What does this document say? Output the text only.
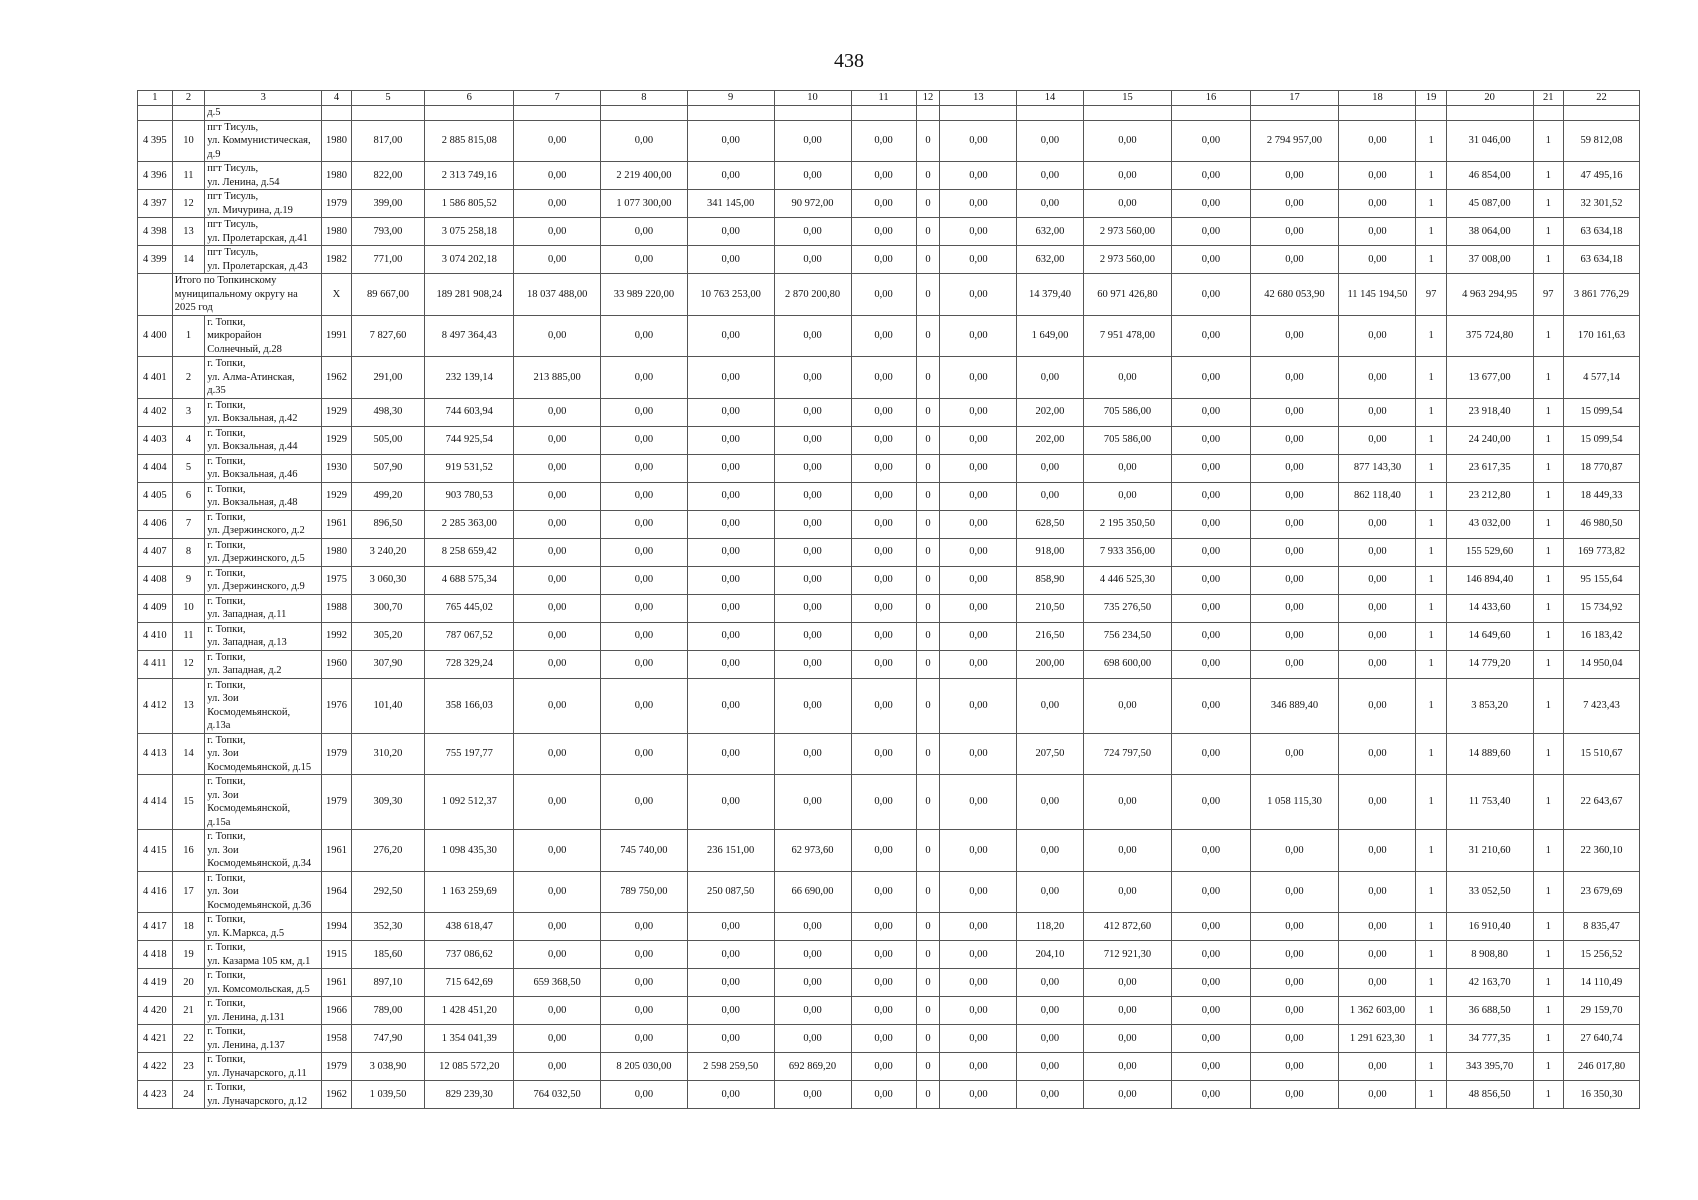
438
1	2	3	4	5	6	7	8	9	10	11	12	13	14	15	16	17	18	19	20	21	22
		д.5																			
4 395	10	пгт Тисуль,
ул. Коммунистическая,
д.9	1980	817,00	2 885 815,08	0,00	0,00	0,00	0,00	0,00	0	0,00	0,00	0,00	0,00	2 794 957,00	0,00	1	31 046,00	1	59 812,08
4 396	11	пгт Тисуль,
ул. Ленина, д.54	1980	822,00	2 313 749,16	0,00	2 219 400,00	0,00	0,00	0,00	0	0,00	0,00	0,00	0,00	0,00	0,00	1	46 854,00	1	47 495,16
4 397	12	пгт Тисуль,
ул. Мичурина, д.19	1979	399,00	1 586 805,52	0,00	1 077 300,00	341 145,00	90 972,00	0,00	0	0,00	0,00	0,00	0,00	0,00	0,00	1	45 087,00	1	32 301,52
4 398	13	пгт Тисуль,
ул. Пролетарская, д.41	1980	793,00	3 075 258,18	0,00	0,00	0,00	0,00	0,00	0	0,00	632,00	2 973 560,00	0,00	0,00	0,00	1	38 064,00	1	63 634,18
4 399	14	пгт Тисуль,
ул. Пролетарская, д.43	1982	771,00	3 074 202,18	0,00	0,00	0,00	0,00	0,00	0	0,00	632,00	2 973 560,00	0,00	0,00	0,00	1	37 008,00	1	63 634,18
	Итого по Топкинскому
муниципальному округу на
2025 год		X	89 667,00	189 281 908,24	18 037 488,00	33 989 220,00	10 763 253,00	2 870 200,80	0,00	0	0,00	14 379,40	60 971 426,80	0,00	42 680 053,90	11 145 194,50	97	4 963 294,95	97	3 861 776,29
4 400	1	г. Топки,
микрорайон
Солнечный, д.28	1991	7 827,60	8 497 364,43	0,00	0,00	0,00	0,00	0,00	0	0,00	1 649,00	7 951 478,00	0,00	0,00	0,00	1	375 724,80	1	170 161,63
4 401	2	г. Топки,
ул. Алма-Атинская,
д.35	1962	291,00	232 139,14	213 885,00	0,00	0,00	0,00	0,00	0	0,00	0,00	0,00	0,00	0,00	0,00	1	13 677,00	1	4 577,14
4 402	3	г. Топки,
ул. Вокзальная, д.42	1929	498,30	744 603,94	0,00	0,00	0,00	0,00	0,00	0	0,00	202,00	705 586,00	0,00	0,00	0,00	1	23 918,40	1	15 099,54
4 403	4	г. Топки,
ул. Вокзальная, д.44	1929	505,00	744 925,54	0,00	0,00	0,00	0,00	0,00	0	0,00	202,00	705 586,00	0,00	0,00	0,00	1	24 240,00	1	15 099,54
4 404	5	г. Топки,
ул. Вокзальная, д.46	1930	507,90	919 531,52	0,00	0,00	0,00	0,00	0,00	0	0,00	0,00	0,00	0,00	0,00	877 143,30	1	23 617,35	1	18 770,87
4 405	6	г. Топки,
ул. Вокзальная, д.48	1929	499,20	903 780,53	0,00	0,00	0,00	0,00	0,00	0	0,00	0,00	0,00	0,00	0,00	862 118,40	1	23 212,80	1	18 449,33
4 406	7	г. Топки,
ул. Дзержинского, д.2	1961	896,50	2 285 363,00	0,00	0,00	0,00	0,00	0,00	0	0,00	628,50	2 195 350,50	0,00	0,00	0,00	1	43 032,00	1	46 980,50
4 407	8	г. Топки,
ул. Дзержинского, д.5	1980	3 240,20	8 258 659,42	0,00	0,00	0,00	0,00	0,00	0	0,00	918,00	7 933 356,00	0,00	0,00	0,00	1	155 529,60	1	169 773,82
4 408	9	г. Топки,
ул. Дзержинского, д.9	1975	3 060,30	4 688 575,34	0,00	0,00	0,00	0,00	0,00	0	0,00	858,90	4 446 525,30	0,00	0,00	0,00	1	146 894,40	1	95 155,64
4 409	10	г. Топки,
ул. Западная, д.11	1988	300,70	765 445,02	0,00	0,00	0,00	0,00	0,00	0	0,00	210,50	735 276,50	0,00	0,00	0,00	1	14 433,60	1	15 734,92
4 410	11	г. Топки,
ул. Западная, д.13	1992	305,20	787 067,52	0,00	0,00	0,00	0,00	0,00	0	0,00	216,50	756 234,50	0,00	0,00	0,00	1	14 649,60	1	16 183,42
4 411	12	г. Топки,
ул. Западная, д.2	1960	307,90	728 329,24	0,00	0,00	0,00	0,00	0,00	0	0,00	200,00	698 600,00	0,00	0,00	0,00	1	14 779,20	1	14 950,04
4 412	13	г. Топки,
ул. Зои
Космодемьянской,
д.13а	1976	101,40	358 166,03	0,00	0,00	0,00	0,00	0,00	0	0,00	0,00	0,00	0,00	346 889,40	0,00	1	3 853,20	1	7 423,43
4 413	14	г. Топки,
ул. Зои
Космодемьянской, д.15	1979	310,20	755 197,77	0,00	0,00	0,00	0,00	0,00	0	0,00	207,50	724 797,50	0,00	0,00	0,00	1	14 889,60	1	15 510,67
4 414	15	г. Топки,
ул. Зои
Космодемьянской,
д.15а	1979	309,30	1 092 512,37	0,00	0,00	0,00	0,00	0,00	0	0,00	0,00	0,00	0,00	1 058 115,30	0,00	1	11 753,40	1	22 643,67
4 415	16	г. Топки,
ул. Зои
Космодемьянской, д.34	1961	276,20	1 098 435,30	0,00	745 740,00	236 151,00	62 973,60	0,00	0	0,00	0,00	0,00	0,00	0,00	0,00	1	31 210,60	1	22 360,10
4 416	17	г. Топки,
ул. Зои
Космодемьянской, д.36	1964	292,50	1 163 259,69	0,00	789 750,00	250 087,50	66 690,00	0,00	0	0,00	0,00	0,00	0,00	0,00	0,00	1	33 052,50	1	23 679,69
4 417	18	г. Топки,
ул. К.Маркса, д.5	1994	352,30	438 618,47	0,00	0,00	0,00	0,00	0,00	0	0,00	118,20	412 872,60	0,00	0,00	0,00	1	16 910,40	1	8 835,47
4 418	19	г. Топки,
ул. Казарма 105 км, д.1	1915	185,60	737 086,62	0,00	0,00	0,00	0,00	0,00	0	0,00	204,10	712 921,30	0,00	0,00	0,00	1	8 908,80	1	15 256,52
4 419	20	г. Топки,
ул. Комсомольская, д.5	1961	897,10	715 642,69	659 368,50	0,00	0,00	0,00	0,00	0	0,00	0,00	0,00	0,00	0,00	0,00	1	42 163,70	1	14 110,49
4 420	21	г. Топки,
ул. Ленина, д.131	1966	789,00	1 428 451,20	0,00	0,00	0,00	0,00	0,00	0	0,00	0,00	0,00	0,00	0,00	1 362 603,00	1	36 688,50	1	29 159,70
4 421	22	г. Топки,
ул. Ленина, д.137	1958	747,90	1 354 041,39	0,00	0,00	0,00	0,00	0,00	0	0,00	0,00	0,00	0,00	0,00	1 291 623,30	1	34 777,35	1	27 640,74
4 422	23	г. Топки,
ул. Луначарского, д.11	1979	3 038,90	12 085 572,20	0,00	8 205 030,00	2 598 259,50	692 869,20	0,00	0	0,00	0,00	0,00	0,00	0,00	0,00	1	343 395,70	1	246 017,80
4 423	24	г. Топки,
ул. Луначарского, д.12	1962	1 039,50	829 239,30	764 032,50	0,00	0,00	0,00	0,00	0	0,00	0,00	0,00	0,00	0,00	0,00	1	48 856,50	1	16 350,30
